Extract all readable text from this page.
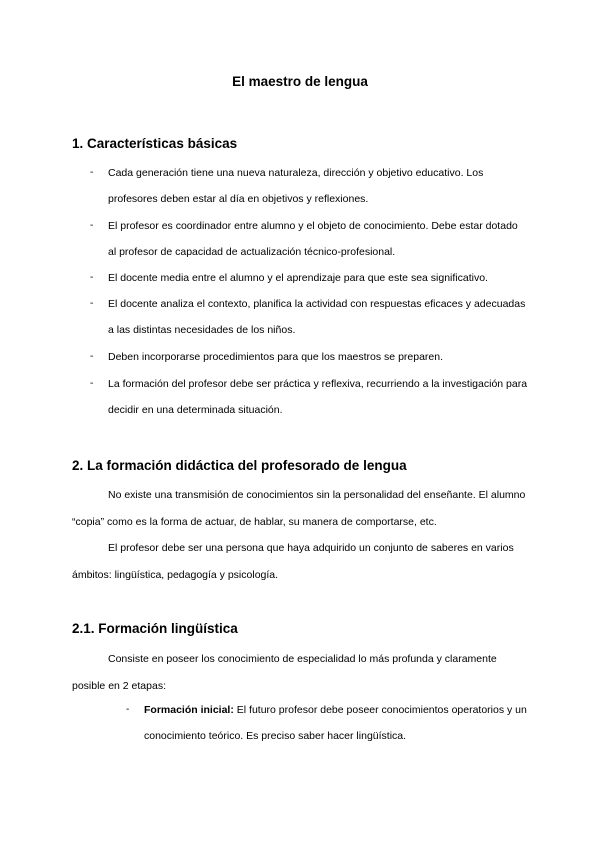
El maestro de lengua
1. Características básicas
- Cada generación tiene una nueva naturaleza, dirección y objetivo educativo. Los profesores deben estar al día en objetivos y reflexiones.
- El profesor es coordinador entre alumno y el objeto de conocimiento. Debe estar dotado al profesor de capacidad de actualización técnico-profesional.
- El docente media entre el alumno y el aprendizaje para que este sea significativo.
- El docente analiza el contexto, planifica la actividad con respuestas eficaces y adecuadas a las distintas necesidades de los niños.
- Deben incorporarse procedimientos para que los maestros se preparen.
- La formación del profesor debe ser práctica y reflexiva, recurriendo a la investigación para decidir en una determinada situación.
2. La formación didáctica del profesorado de lengua

No existe una transmisión de conocimientos sin la personalidad del enseñante. El alumno “copia” como es la forma de actuar, de hablar, su manera de comportarse, etc.

El profesor debe ser una persona que haya adquirido un conjunto de saberes en varios ámbitos: lingüística, pedagogía y psicología.

2.1. Formación lingüística

Consiste en poseer los conocimiento de especialidad lo más profunda y claramente posible en 2 etapas:

- Formación inicial: El futuro profesor debe poseer conocimientos operatorios y un conocimiento teórico. Es preciso saber hacer lingüística.
